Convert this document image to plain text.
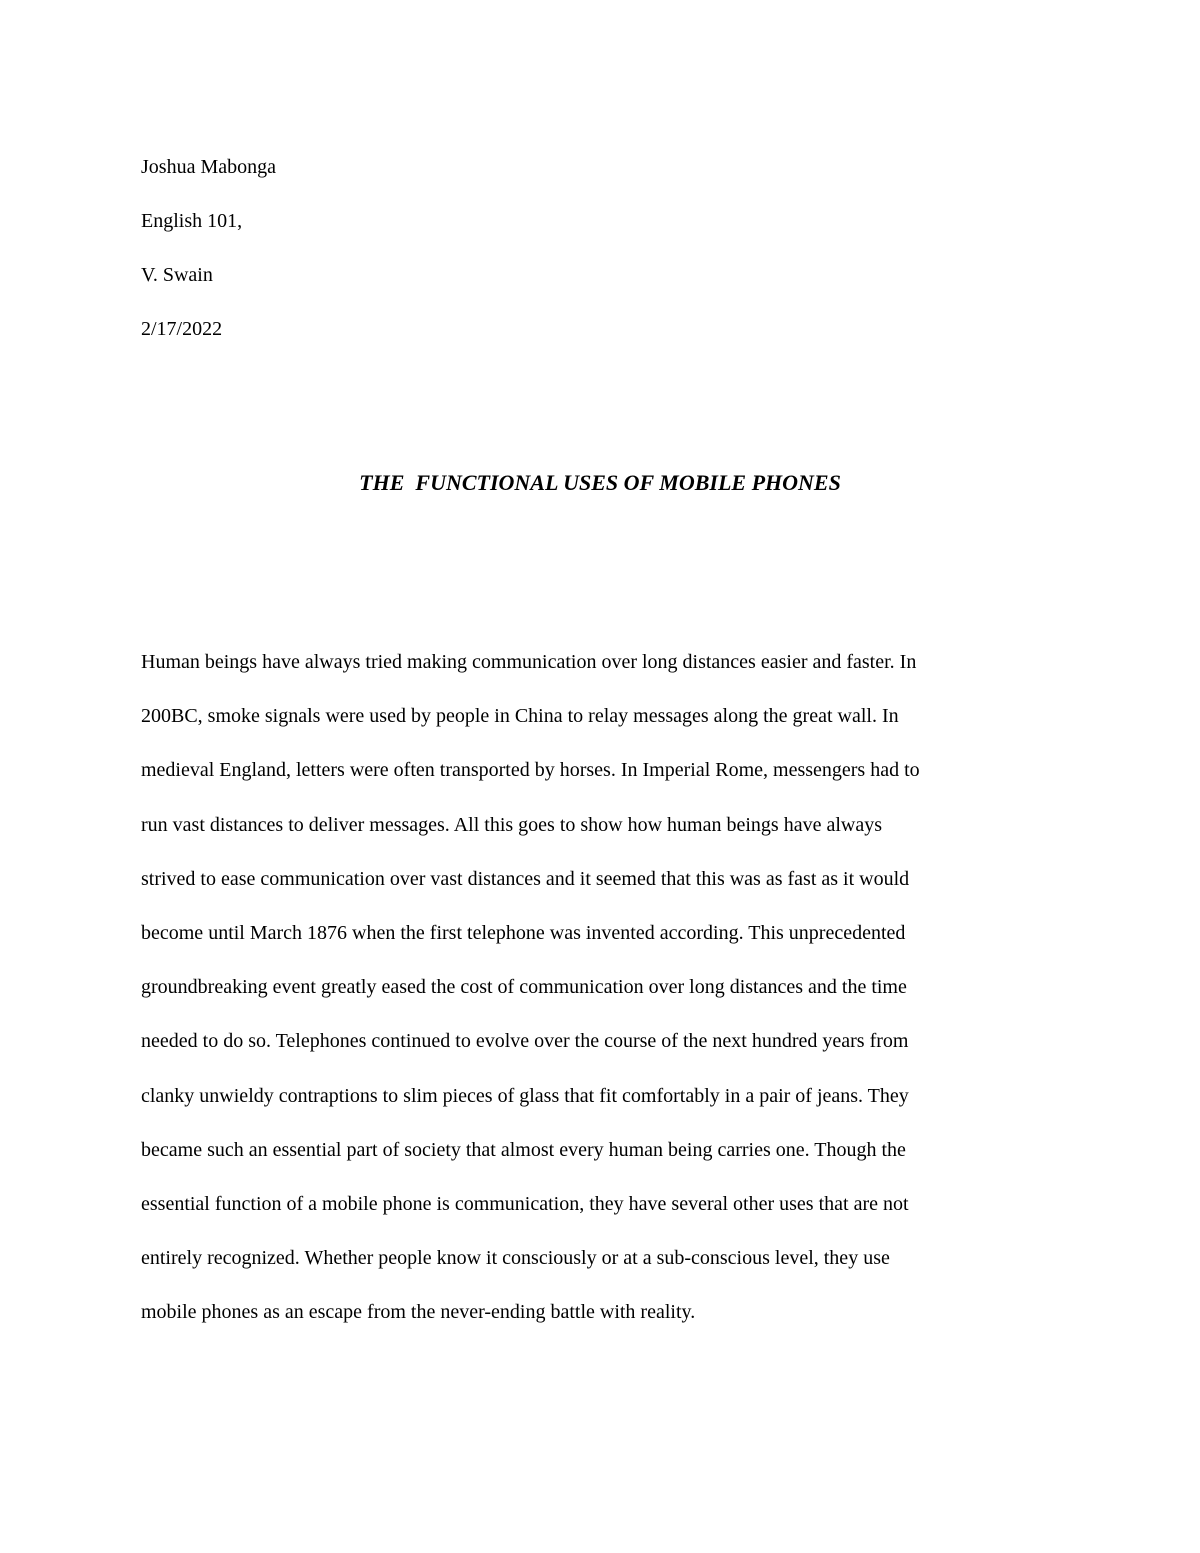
Joshua Mabonga
English 101,
V. Swain
2/17/2022
THE  FUNCTIONAL USES OF MOBILE PHONES
Human beings have always tried making communication over long distances easier and faster. In
200BC, smoke signals were used by people in China to relay messages along the great wall. In
medieval England, letters were often transported by horses. In Imperial Rome, messengers had to
run vast distances to deliver messages. All this goes to show how human beings have always
strived to ease communication over vast distances and it seemed that this was as fast as it would
become until March 1876 when the first telephone was invented according. This unprecedented
groundbreaking event greatly eased the cost of communication over long distances and the time
needed to do so. Telephones continued to evolve over the course of the next hundred years from
clanky unwieldy contraptions to slim pieces of glass that fit comfortably in a pair of jeans. They
became such an essential part of society that almost every human being carries one. Though the
essential function of a mobile phone is communication, they have several other uses that are not
entirely recognized. Whether people know it consciously or at a sub-conscious level, they use
mobile phones as an escape from the never-ending battle with reality.
